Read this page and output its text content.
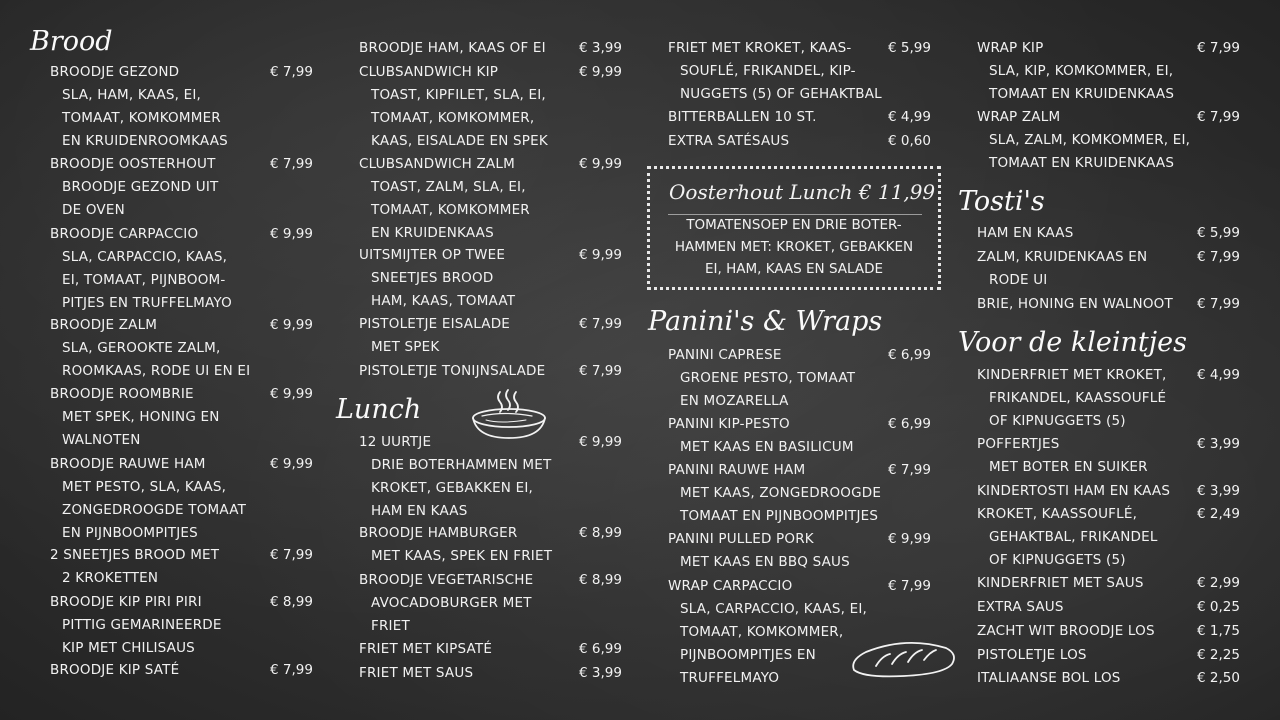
Brood
Lunch
Panini's & Wraps
Tosti's
Voor de kleintjes
Oosterhout Lunch € 11,99
TOMATENSOEP EN DRIE BOTER-
HAMMEN MET: KROKET, GEBAKKEN
EI, HAM, KAAS EN SALADE
BROODJE GEZOND	€ 7,99
SLA, HAM, KAAS, EI,
TOMAAT, KOMKOMMER
EN KRUIDENROOMKAAS
BROODJE OOSTERHOUT	€ 7,99
BROODJE GEZOND UIT
DE OVEN
BROODJE CARPACCIO	€ 9,99
SLA, CARPACCIO, KAAS,
EI, TOMAAT, PIJNBOOM-
PITJES EN TRUFFELMAYO
BROODJE ZALM	€ 9,99
SLA, GEROOKTE ZALM,
ROOMKAAS, RODE UI EN EI
BROODJE ROOMBRIE	€ 9,99
MET SPEK, HONING EN
WALNOTEN
BROODJE RAUWE HAM	€ 9,99
MET PESTO, SLA, KAAS,
ZONGEDROOGDE TOMAAT
EN PIJNBOOMPITJES
2 SNEETJES BROOD MET	€ 7,99
2 KROKETTEN
BROODJE KIP PIRI PIRI	€ 8,99
PITTIG GEMARINEERDE
KIP MET CHILISAUS
BROODJE KIP SATÉ	€ 7,99
BROODJE HAM, KAAS OF EI € 3,99
CLUBSANDWICH KIP	€ 9,99
TOAST, KIPFILET, SLA, EI,
TOMAAT, KOMKOMMER,
KAAS, EISALADE EN SPEK
CLUBSANDWICH ZALM	€ 9,99
TOAST, ZALM, SLA, EI,
TOMAAT, KOMKOMMER
EN KRUIDENKAAS
UITSMIJTER OP TWEE	€ 9,99
SNEETJES BROOD
HAM, KAAS, TOMAAT
PISTOLETJE EISALADE	€ 7,99
MET SPEK
PISTOLETJE TONIJNSALADE € 7,99
12 UURTJE	€ 9,99
DRIE BOTERHAMMEN MET
KROKET, GEBAKKEN EI,
HAM EN KAAS
BROODJE HAMBURGER	€ 8,99
MET KAAS, SPEK EN FRIET
BROODJE VEGETARISCHE	€ 8,99
AVOCADOBURGER MET
FRIET
FRIET MET KIPSATÉ	€ 6,99
FRIET MET SAUS	€ 3,99
FRIET MET KROKET, KAAS-	€ 5,99
SOUFLÉ, FRIKANDEL, KIP-
NUGGETS (5) OF GEHAKTBAL
BITTERBALLEN 10 ST.	€ 4,99
EXTRA SATÉSAUS	€ 0,60
PANINI CAPRESE	€ 6,99
GROENE PESTO, TOMAAT
EN MOZARELLA
PANINI KIP-PESTO	€ 6,99
MET KAAS EN BASILICUM
PANINI RAUWE HAM	€ 7,99
MET KAAS, ZONGEDROOGDE
TOMAAT EN PIJNBOOMPITJES
PANINI PULLED PORK	€ 9,99
MET KAAS EN BBQ SAUS
WRAP CARPACCIO	€ 7,99
SLA, CARPACCIO, KAAS, EI,
TOMAAT, KOMKOMMER,
PIJNBOOMPITJES EN
TRUFFELMAYO
WRAP KIP	€ 7,99
SLA, KIP, KOMKOMMER, EI,
TOMAAT EN KRUIDENKAAS
WRAP ZALM	€ 7,99
SLA, ZALM, KOMKOMMER, EI,
TOMAAT EN KRUIDENKAAS
HAM EN KAAS	€ 5,99
ZALM, KRUIDENKAAS EN	€ 7,99
RODE UI
BRIE, HONING EN WALNOOT € 7,99
KINDERFRIET MET KROKET, € 4,99
FRIKANDEL, KAASSOUFLÉ
OF KIPNUGGETS (5)
POFFERTJES	€ 3,99
MET BOTER EN SUIKER
KINDERTOSTI HAM EN KAAS € 3,99
KROKET, KAASSOUFLÉ,	€ 2,49
GEHAKTBAL, FRIKANDEL
OF KIPNUGGETS (5)
KINDERFRIET MET SAUS	€ 2,99
EXTRA SAUS	€ 0,25
ZACHT WIT BROODJE LOS	€ 1,75
PISTOLETJE LOS	€ 2,25
ITALIAANSE BOL LOS	€ 2,50
